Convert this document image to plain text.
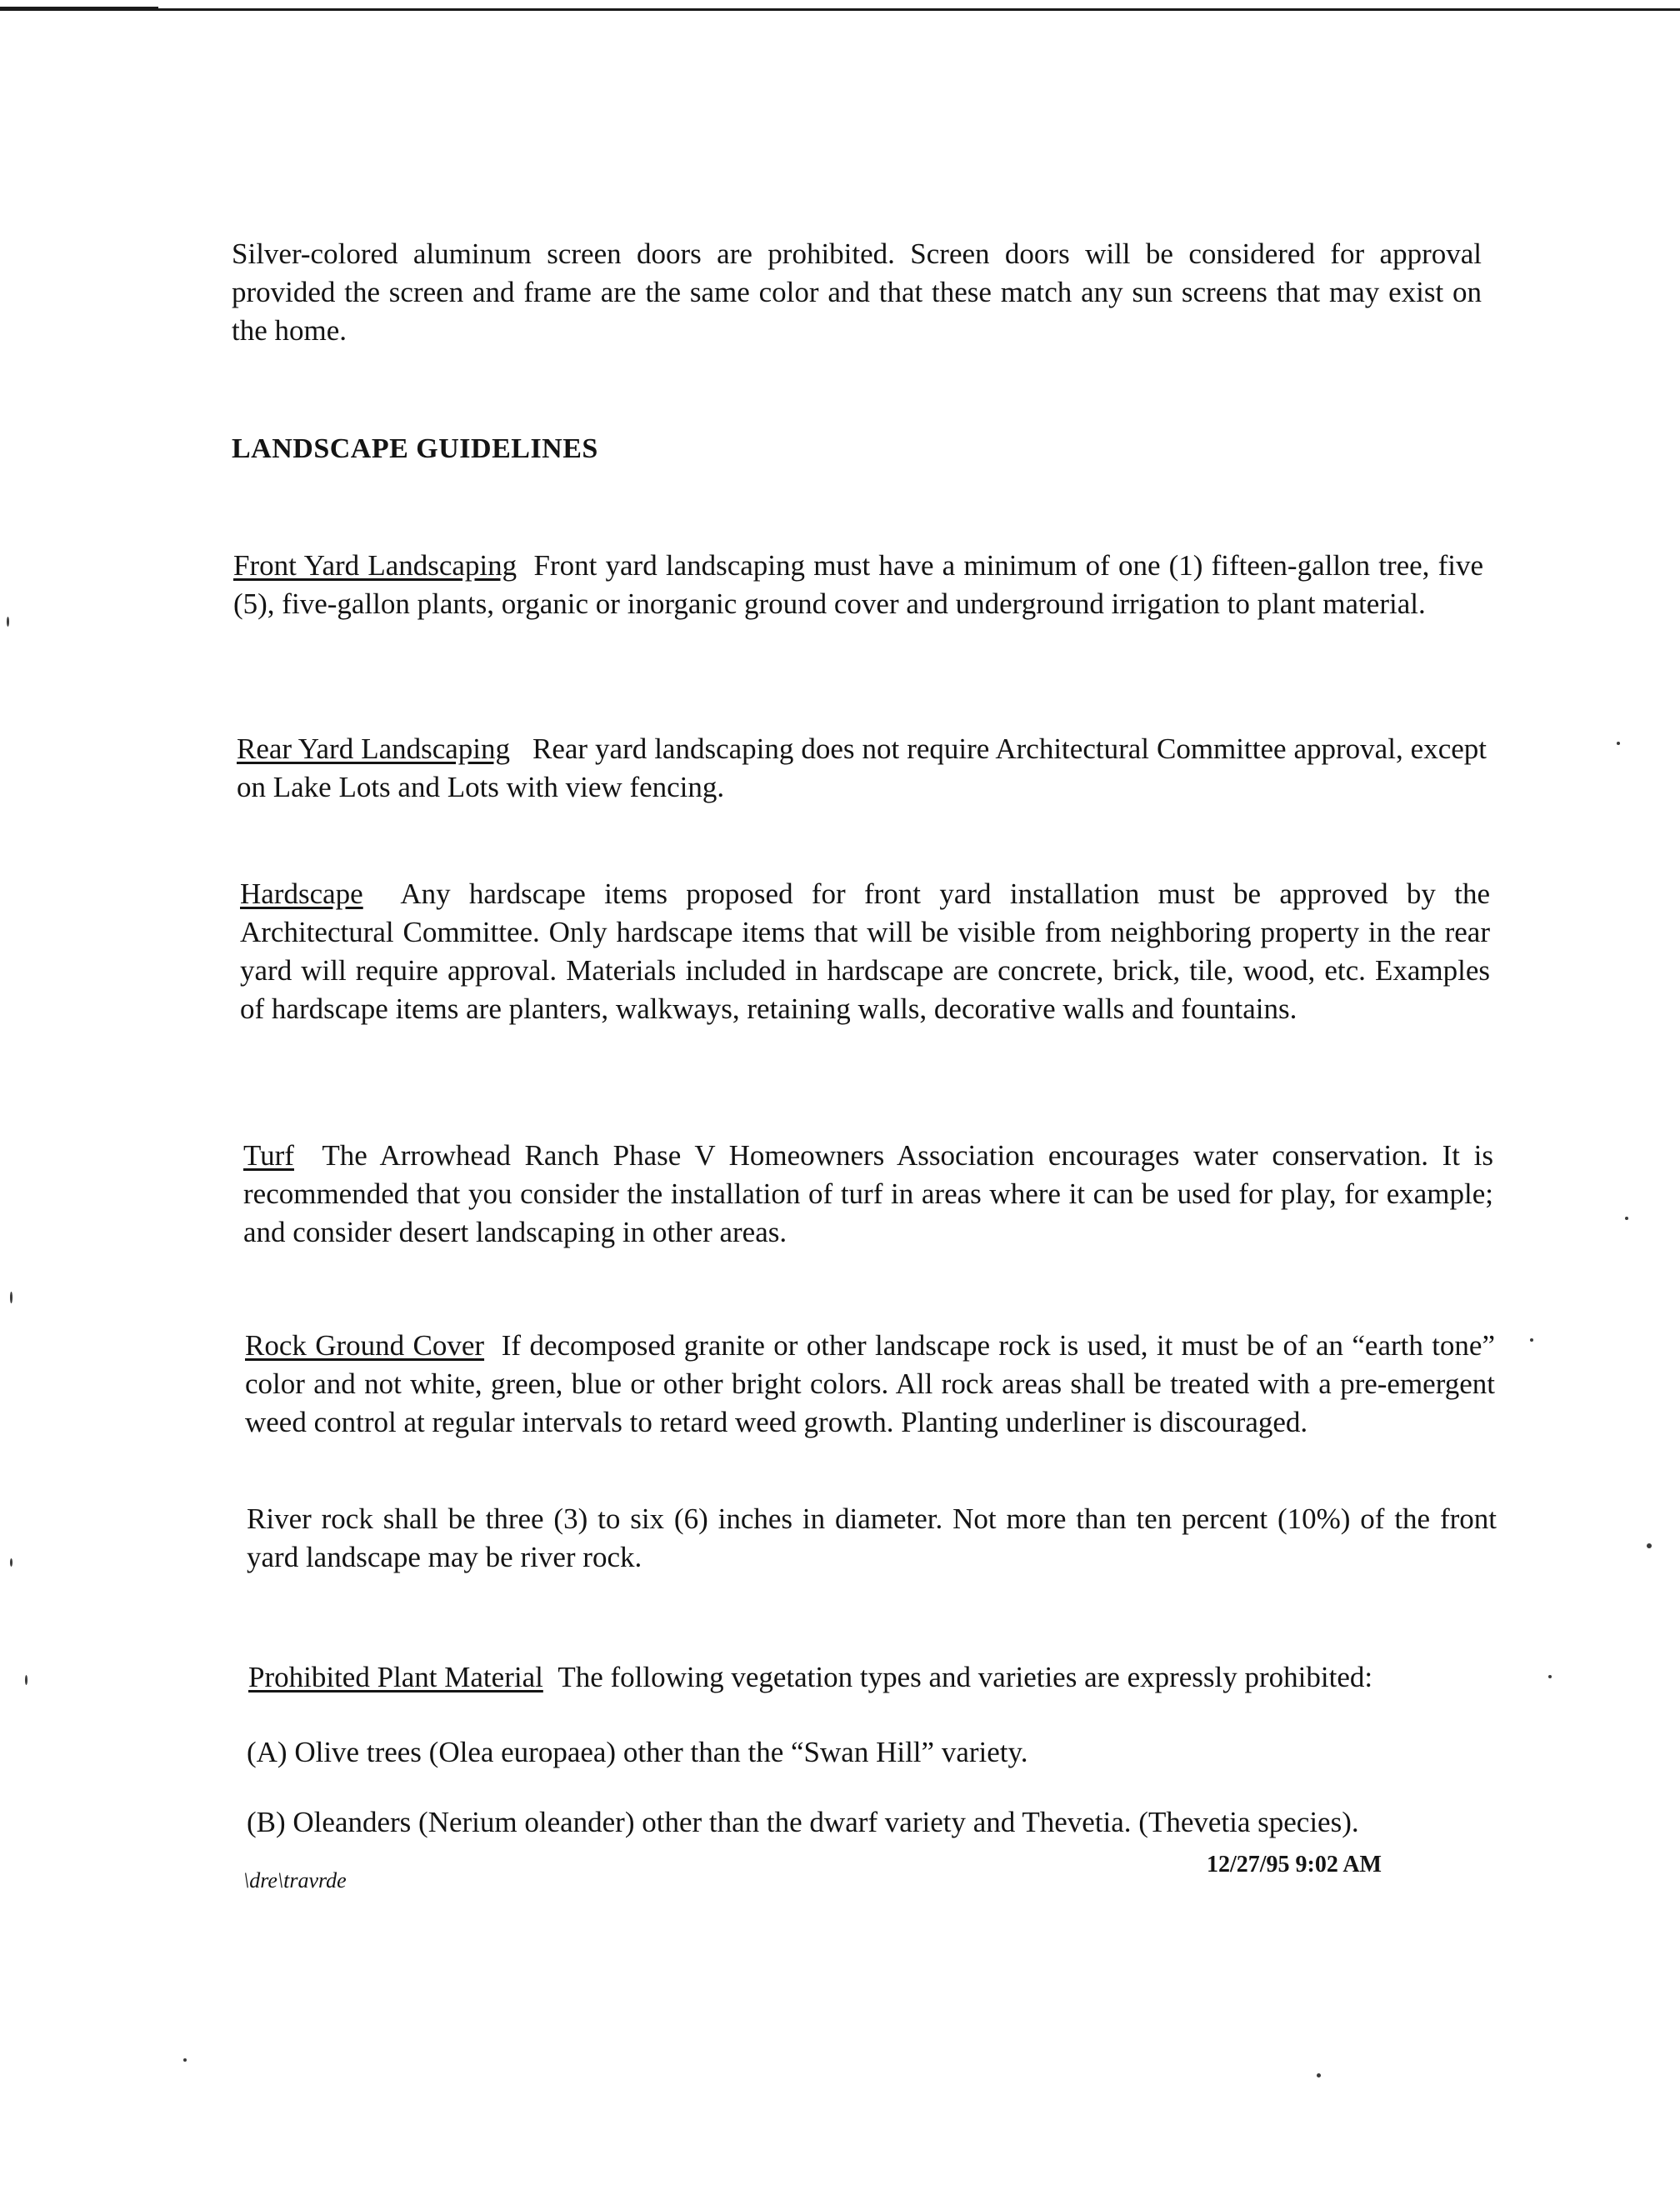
Silver-colored aluminum screen doors are prohibited. Screen doors will be considered for approval provided the screen and frame are the same color and that these match any sun screens that may exist on the home.

LANDSCAPE GUIDELINES

Front Yard Landscaping Front yard landscaping must have a minimum of one (1) fifteen-gallon tree, five (5), five-gallon plants, organic or inorganic ground cover and underground irrigation to plant material.

Rear Yard Landscaping Rear yard landscaping does not require Architectural Committee approval, except on Lake Lots and Lots with view fencing.

Hardscape Any hardscape items proposed for front yard installation must be approved by the Architectural Committee. Only hardscape items that will be visible from neighboring property in the rear yard will require approval. Materials included in hardscape are concrete, brick, tile, wood, etc. Examples of hardscape items are planters, walkways, retaining walls, decorative walls and fountains.

Turf The Arrowhead Ranch Phase V Homeowners Association encourages water conservation. It is recommended that you consider the installation of turf in areas where it can be used for play, for example; and consider desert landscaping in other areas.

Rock Ground Cover If decomposed granite or other landscape rock is used, it must be of an “earth tone” color and not white, green, blue or other bright colors. All rock areas shall be treated with a pre-emergent weed control at regular intervals to retard weed growth. Planting underliner is discouraged.

River rock shall be three (3) to six (6) inches in diameter. Not more than ten percent (10%) of the front yard landscape may be river rock.

Prohibited Plant Material The following vegetation types and varieties are expressly prohibited:

(A) Olive trees (Olea europaea) other than the “Swan Hill” variety.
(B) Oleanders (Nerium oleander) other than the dwarf variety and Thevetia. (Thevetia species).
\dre\travrde
12/27/95 9:02 AM
